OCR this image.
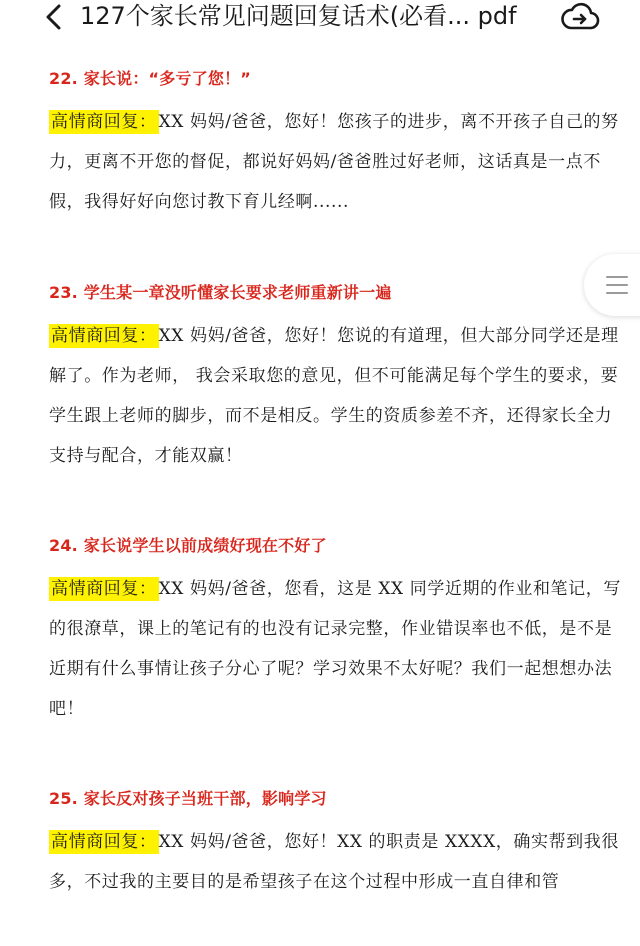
127个家长常见问题回复话术(必看... pdf
22. 家长说：“多亏了您！”
高情商回复： XX 妈妈/爸爸，您好！您孩子的进步，离不开孩子自己的努力，更离不开您的督促，都说好妈妈/爸爸胜过好老师，这话真是一点不假，我得好好向您讨教下育儿经啊......
23. 学生某一章没听懂家长要求老师重新讲一遍
高情商回复： XX 妈妈/爸爸，您好！您说的有道理，但大部分同学还是理解了。作为老师， 我会采取您的意见，但不可能满足每个学生的要求，要学生跟上老师的脚步，而不是相反。学生的资质参差不齐，还得家长全力支持与配合，才能双赢！
24. 家长说学生以前成绩好现在不好了
高情商回复： XX 妈妈/爸爸，您看，这是 XX 同学近期的作业和笔记，写的很潦草，课上的笔记有的也没有记录完整，作业错误率也不低，是不是近期有什么事情让孩子分心了呢？学习效果不太好呢？我们一起想想办法吧！
25. 家长反对孩子当班干部，影响学习
高情商回复： XX 妈妈/爸爸，您好！XX 的职责是 XXXX，确实帮到我很多，不过我的主要目的是希望孩子在这个过程中形成一直自律和管
